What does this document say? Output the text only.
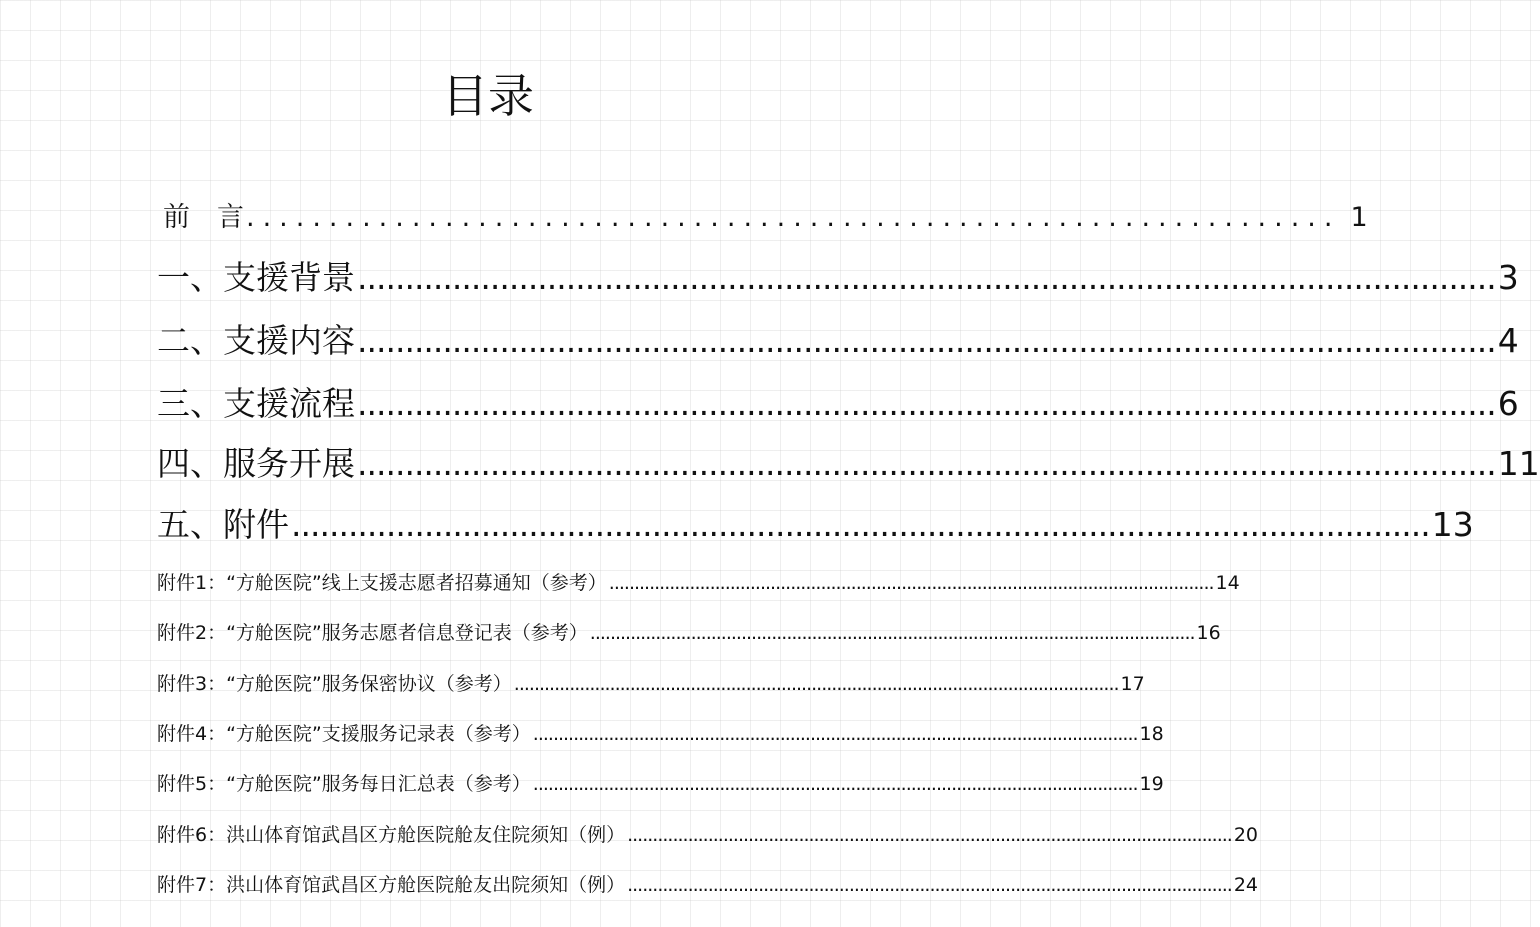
目录
前　言 .................................................................. 1
一、支援背景 ........................................................................................................................ 3
二、支援内容 ........................................................................................................................ 4
三、支援流程 ........................................................................................................................ 6
四、服务开展 ........................................................................................................................ 11
五、附件 ........................................................................................................................ 13
附件1：“方舱医院”线上支援志愿者招募通知（参考） ........................................................................................................................ 14
附件2：“方舱医院”服务志愿者信息登记表（参考） ........................................................................................................................ 16
附件3：“方舱医院”服务保密协议（参考） ........................................................................................................................ 17
附件4：“方舱医院”支援服务记录表（参考） ........................................................................................................................ 18
附件5：“方舱医院”服务每日汇总表（参考） ........................................................................................................................ 19
附件6：洪山体育馆武昌区方舱医院舱友住院须知（例） ........................................................................................................................ 20
附件7：洪山体育馆武昌区方舱医院舱友出院须知（例） ........................................................................................................................ 24
